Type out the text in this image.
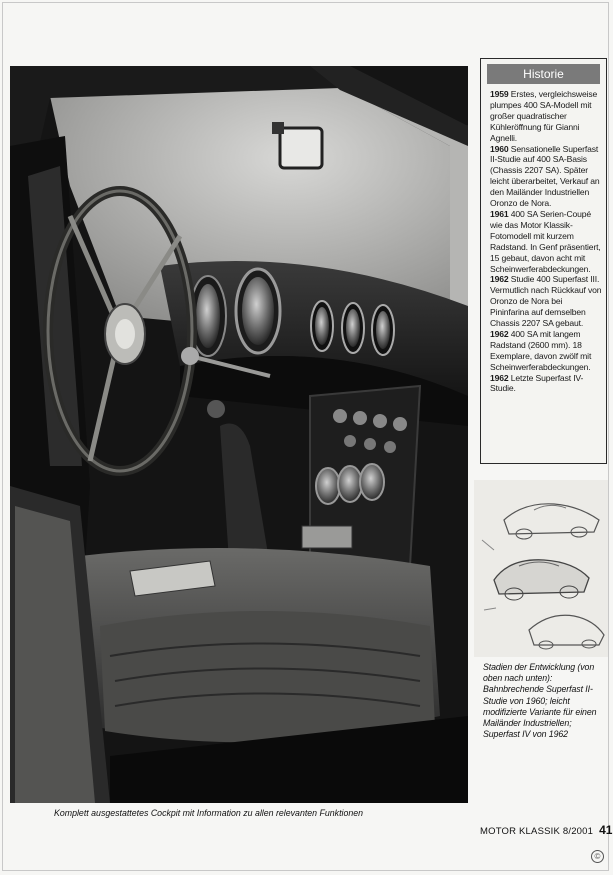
Historie
1959 Erstes, vergleichsweise plumpes 400 SA-Modell mit großer quadratischer Kühleröffnung für Gianni Agnelli.
1960 Sensationelle Superfast II-Studie auf 400 SA-Basis (Chassis 2207 SA). Später leicht überarbeitet, Verkauf an den Mailänder Industriellen Oronzo de Nora.
1961 400 SA Serien-Coupé wie das Motor Klassik-Fotomodell mit kurzem Radstand. In Genf präsentiert, 15 gebaut, davon acht mit Scheinwerferabdeckungen.
1962 Studie 400 Superfast III. Vermutlich nach Rückkauf von Oronzo de Nora bei Pininfarina auf demselben Chassis 2207 SA gebaut.
1962 400 SA mit langem Radstand (2600 mm). 18 Exemplare, davon zwölf mit Scheinwerferabdeckungen.
1962 Letzte Superfast IV-Studie.
Stadien der Entwicklung (von oben nach unten): Bahnbrechende Superfast II-Studie von 1960; leicht modifizierte Variante für einen Mailänder Industriellen; Superfast IV von 1962
Komplett ausgestattetes Cockpit mit Information zu allen relevanten Funktionen
MOTOR KLASSIK 8/2001 41
©
